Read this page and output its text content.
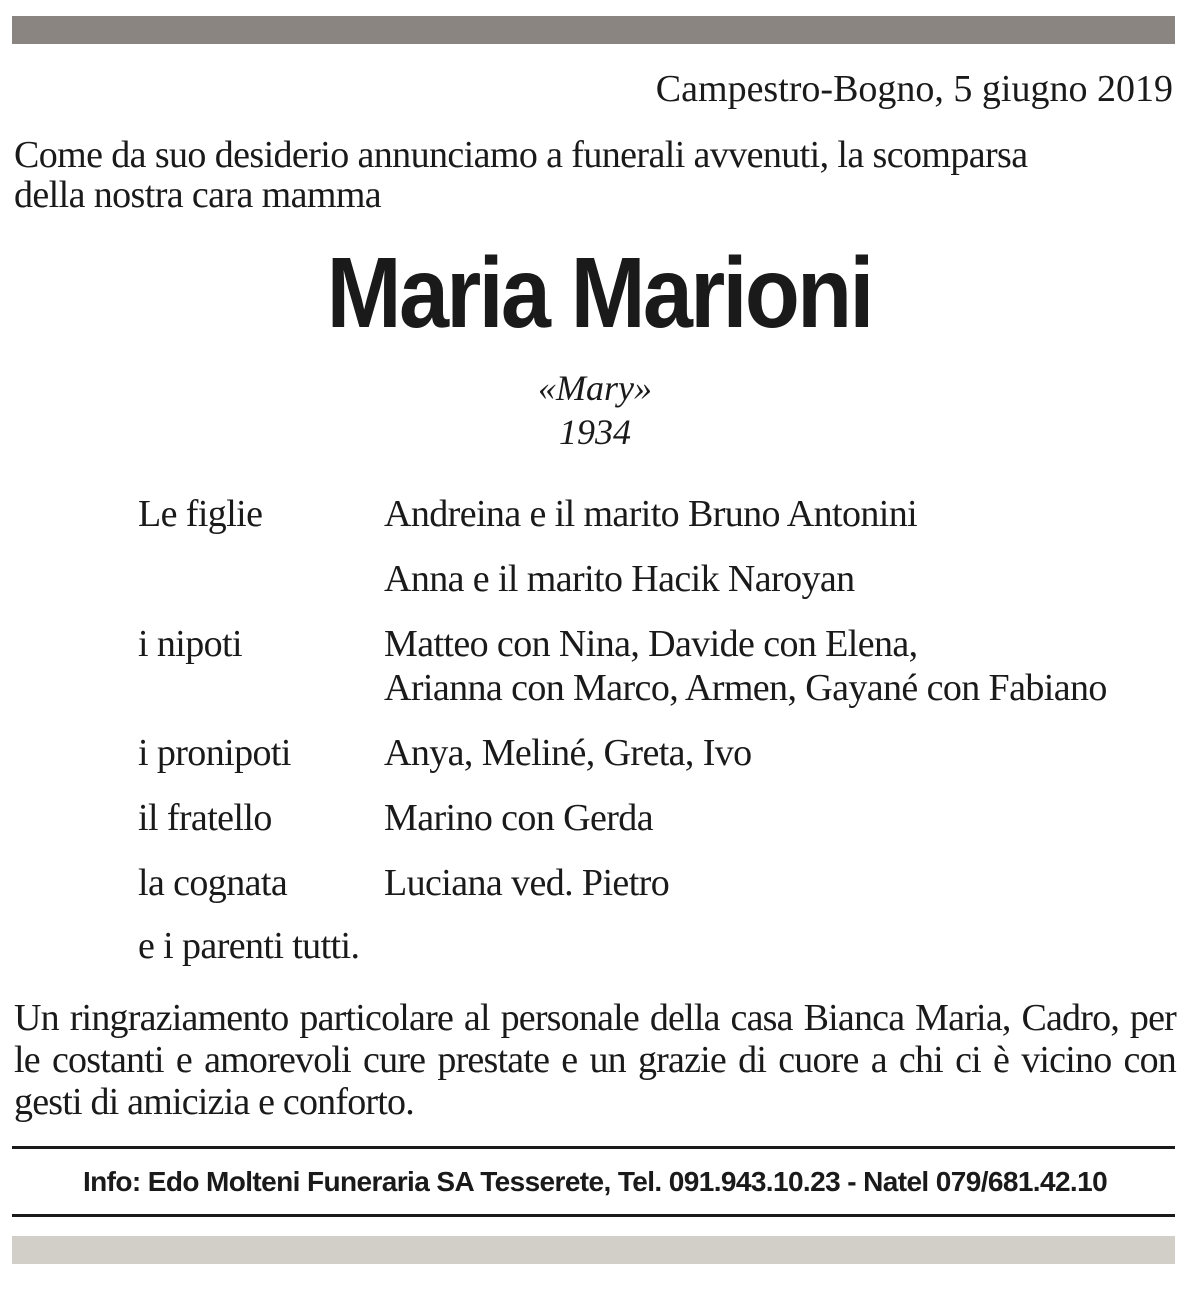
Campestro-Bogno, 5 giugno 2019
Come da suo desiderio annunciamo a funerali avvenuti, la scomparsa
della nostra cara mamma
Maria Marioni
«Mary»
1934
Le figlie	Andreina e il marito Bruno Antonini
Anna e il marito Hacik Naroyan
i nipoti	Matteo con Nina, Davide con Elena,
Arianna con Marco, Armen, Gayané con Fabiano
i pronipoti	Anya, Meliné, Greta, Ivo
il fratello	Marino con Gerda
la cognata	Luciana ved. Pietro
e i parenti tutti.
Un ringraziamento particolare al personale della casa Bianca Maria, Cadro, per le costanti e amorevoli cure prestate e un grazie di cuore a chi ci è vicino con gesti di amicizia e conforto.
Info: Edo Molteni Funeraria SA Tesserete, Tel. 091.943.10.23 - Natel 079/681.42.10
